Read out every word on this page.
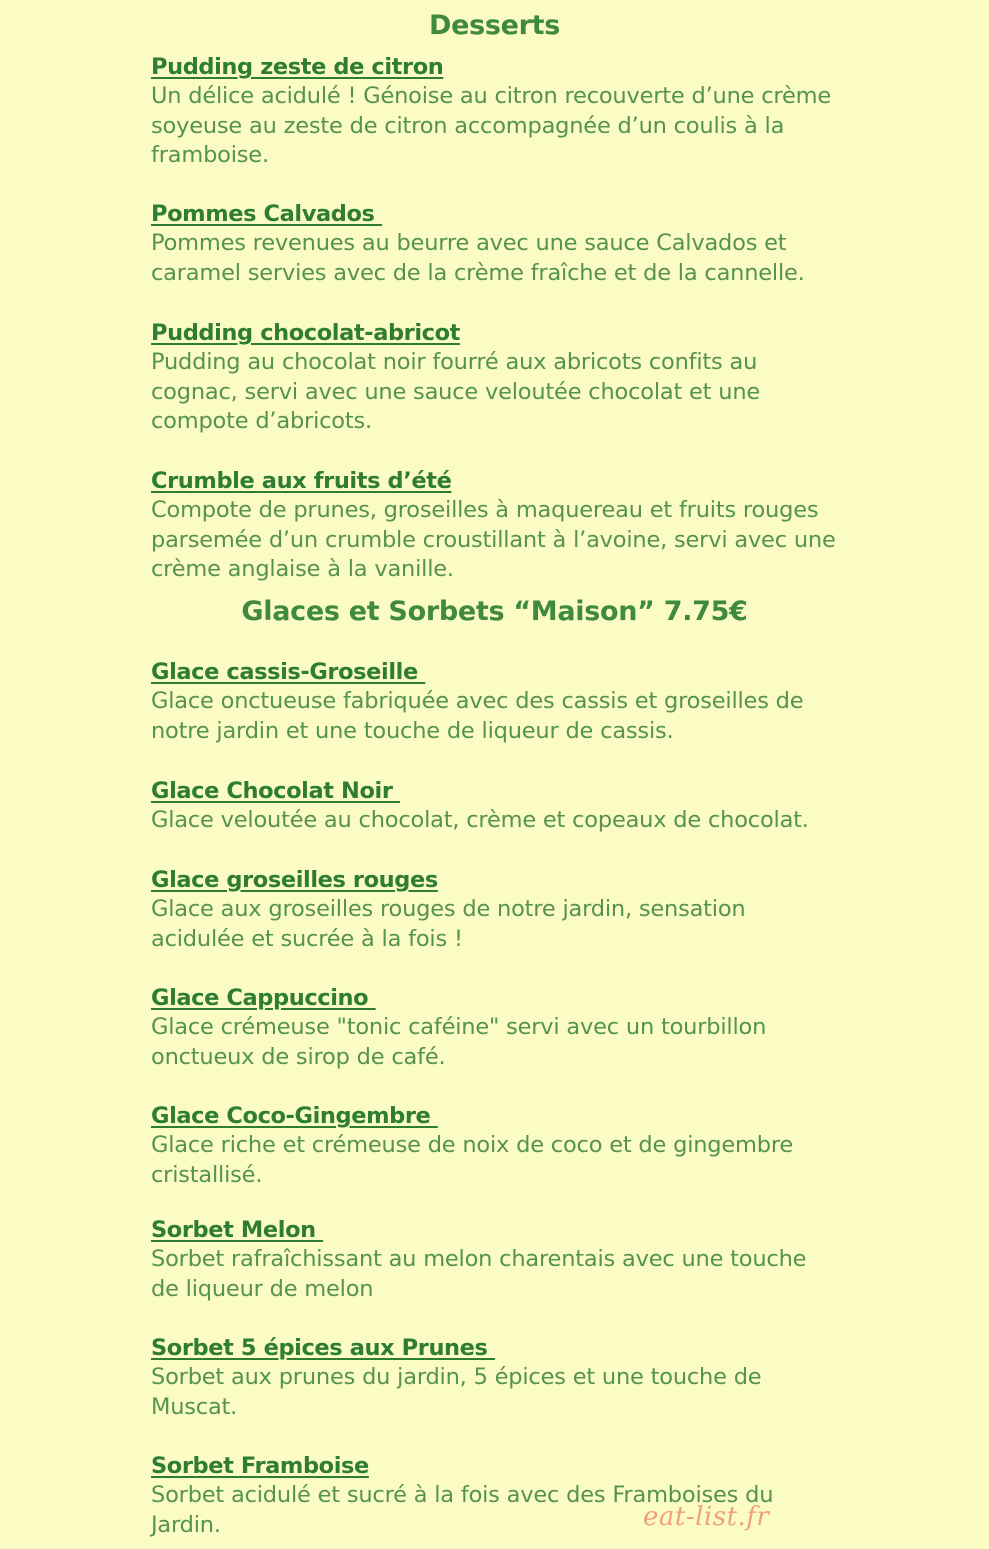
Desserts
Pudding zeste de citron
Un délice acidulé ! Génoise au citron recouverte d’une crème
soyeuse au zeste de citron accompagnée d’un coulis à la
framboise.
Pommes Calvados
Pommes revenues au beurre avec une sauce Calvados et
caramel servies avec de la crème fraîche et de la cannelle.
Pudding chocolat-abricot
Pudding au chocolat noir fourré aux abricots confits au
cognac, servi avec une sauce veloutée chocolat et une
compote d’abricots.
Crumble aux fruits d’été
Compote de prunes, groseilles à maquereau et fruits rouges
parsemée d’un crumble croustillant à l’avoine, servi avec une
crème anglaise à la vanille.
Glaces et Sorbets “Maison” 7.75€
Glace cassis-Groseille
Glace onctueuse fabriquée avec des cassis et groseilles de
notre jardin et une touche de liqueur de cassis.
Glace Chocolat Noir
Glace veloutée au chocolat, crème et copeaux de chocolat.
Glace groseilles rouges
Glace aux groseilles rouges de notre jardin, sensation
acidulée et sucrée à la fois !
Glace Cappuccino
Glace crémeuse "tonic caféine" servi avec un tourbillon
onctueux de sirop de café.
Glace Coco-Gingembre
Glace riche et crémeuse de noix de coco et de gingembre
cristallisé.
Sorbet Melon
Sorbet rafraîchissant au melon charentais avec une touche
de liqueur de melon
Sorbet 5 épices aux Prunes
Sorbet aux prunes du jardin, 5 épices et une touche de
Muscat.
Sorbet Framboise
Sorbet acidulé et sucré à la fois avec des Framboises du
Jardin.	eat-list.fr
